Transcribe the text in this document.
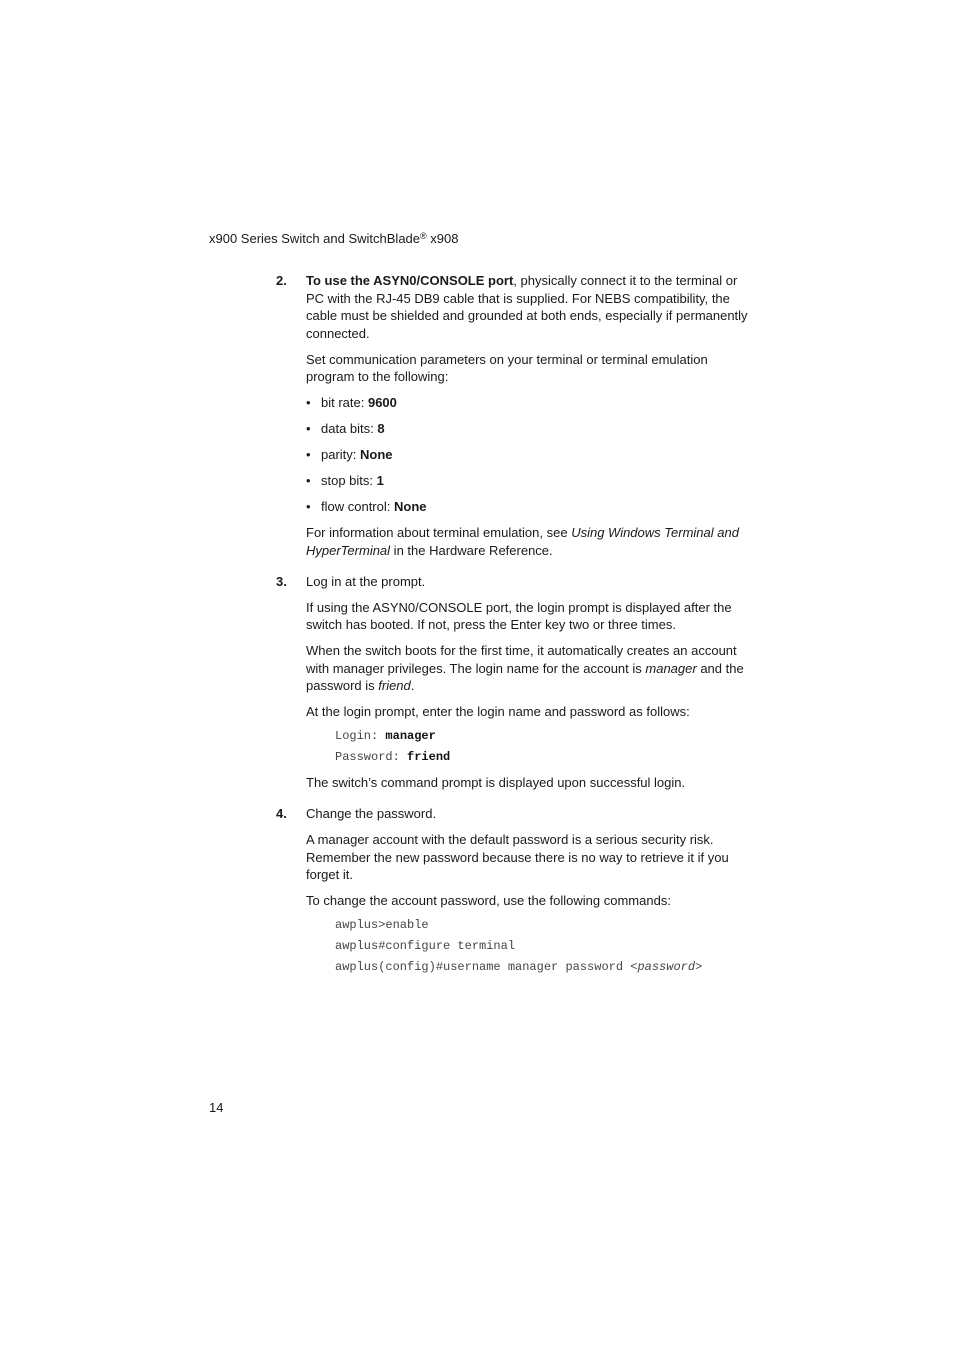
x900 Series Switch and SwitchBlade® x908
2. To use the ASYN0/CONSOLE port, physically connect it to the terminal or PC with the RJ-45 DB9 cable that is supplied. For NEBS compatibility, the cable must be shielded and grounded at both ends, especially if permanently connected.

Set communication parameters on your terminal or terminal emulation program to the following:

• bit rate: 9600
• data bits: 8
• parity: None
• stop bits: 1
• flow control: None

For information about terminal emulation, see Using Windows Terminal and HyperTerminal in the Hardware Reference.

3. Log in at the prompt.

If using the ASYN0/CONSOLE port, the login prompt is displayed after the switch has booted. If not, press the Enter key two or three times.

When the switch boots for the first time, it automatically creates an account with manager privileges. The login name for the account is manager and the password is friend.

At the login prompt, enter the login name and password as follows:

Login: manager
Password: friend

The switch’s command prompt is displayed upon successful login.

4. Change the password.

A manager account with the default password is a serious security risk. Remember the new password because there is no way to retrieve it if you forget it.

To change the account password, use the following commands:

awplus>enable
awplus#configure terminal
awplus(config)#username manager password <password>
14
